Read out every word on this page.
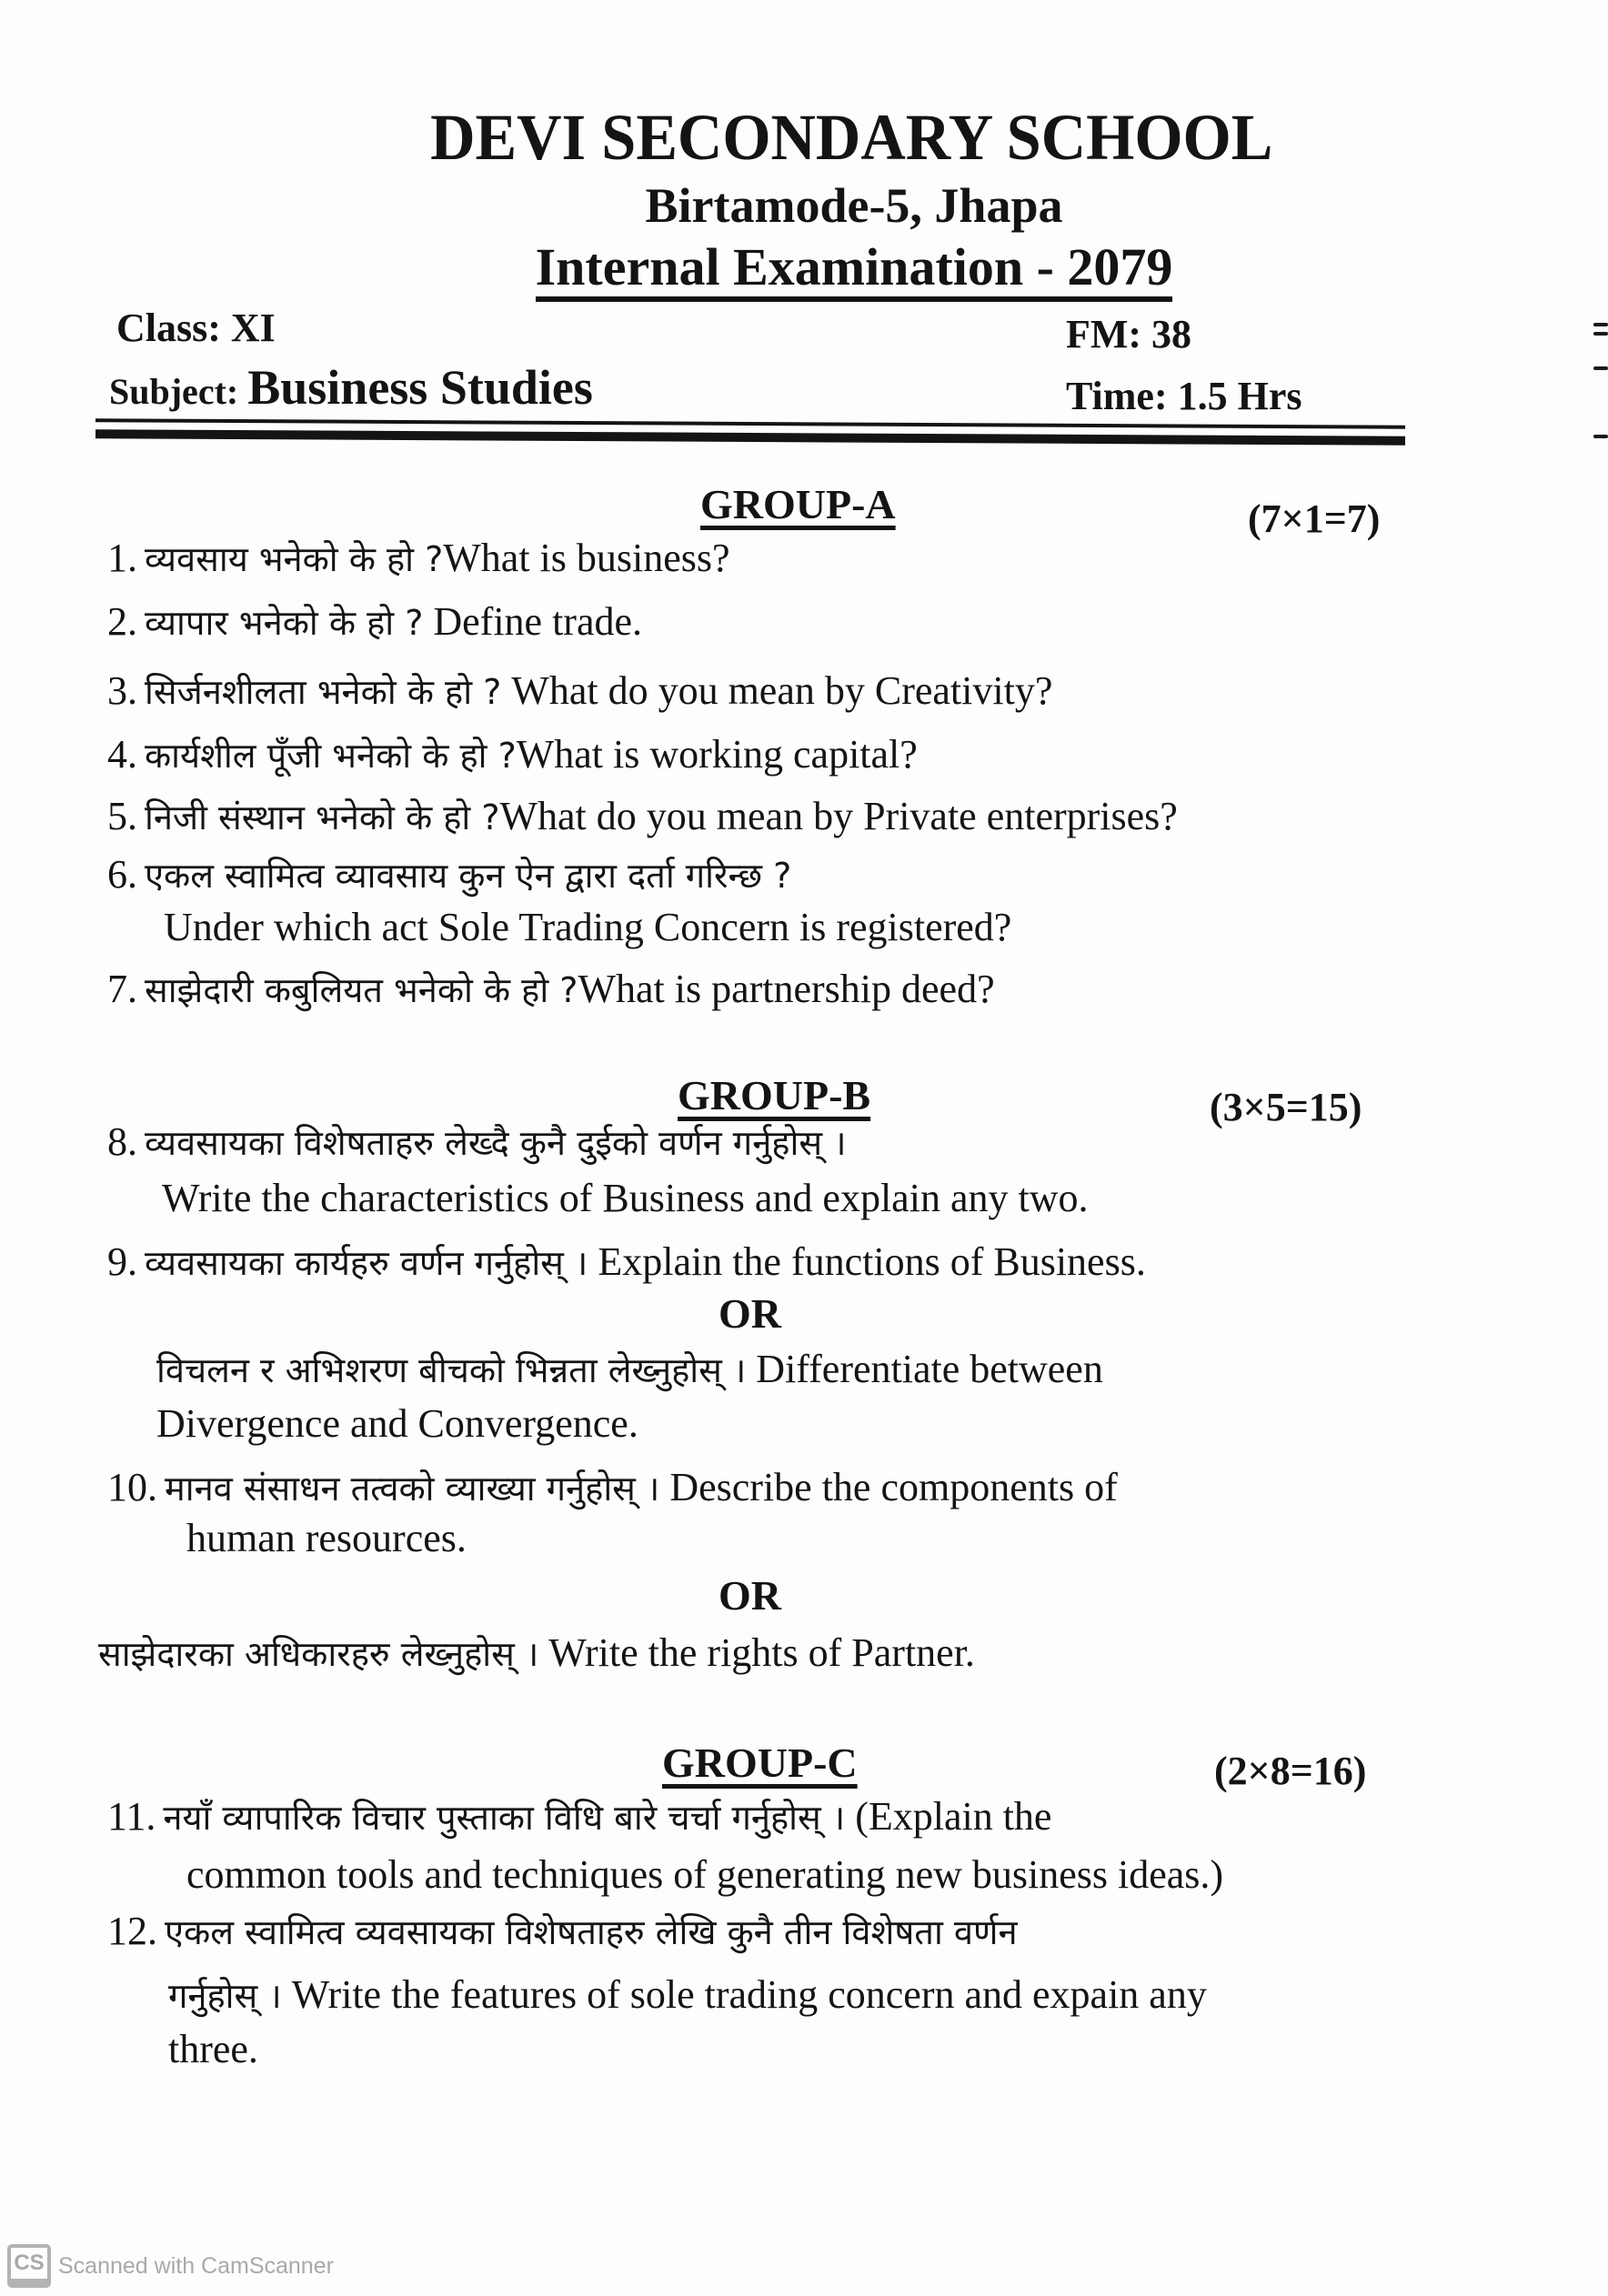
DEVI SECONDARY SCHOOL
Birtamode-5, Jhapa
Internal Examination - 2079
Class: XI	FM: 38
Subject: Business Studies	Time: 1.5 Hrs
GROUP-A	(7×1=7)
1. व्यवसाय भनेको के हो ?What is business?
2. व्यापार भनेको के हो ? Define trade.
3. सिर्जनशीलता भनेको के हो ? What do you mean by Creativity?
4. कार्यशील पूँजी भनेको के हो ?What is working capital?
5. निजी संस्थान भनेको के हो ?What do you mean by Private enterprises?
6. एकल स्वामित्व व्यावसाय कुन ऐन द्वारा दर्ता गरिन्छ ?
Under which act Sole Trading Concern is registered?
7. साझेदारी कबुलियत भनेको के हो ?What is partnership deed?
GROUP-B	(3×5=15)
8. व्यवसायका विशेषताहरु लेख्दै कुनै दुईको वर्णन गर्नुहोस् ।
Write the characteristics of Business and explain any two.
9. व्यवसायका कार्यहरु वर्णन गर्नुहोस् । Explain the functions of Business.
OR
विचलन र अभिशरण बीचको भिन्नता लेख्नुहोस् । Differentiate between
Divergence and Convergence.
10. मानव संसाधन तत्वको व्याख्या गर्नुहोस् । Describe the components of
human resources.
OR
साझेदारका अधिकारहरु लेख्नुहोस् । Write the rights of Partner.
GROUP-C	(2×8=16)
11. नयाँ व्यापारिक विचार पुस्ताका विधि बारे चर्चा गर्नुहोस् । (Explain the
common tools and techniques of generating new business ideas.)
12. एकल स्वामित्व व्यवसायका विशेषताहरु लेखि कुनै तीन विशेषता वर्णन
गर्नुहोस् । Write the features of sole trading concern and expain any
three.
CS Scanned with CamScanner
